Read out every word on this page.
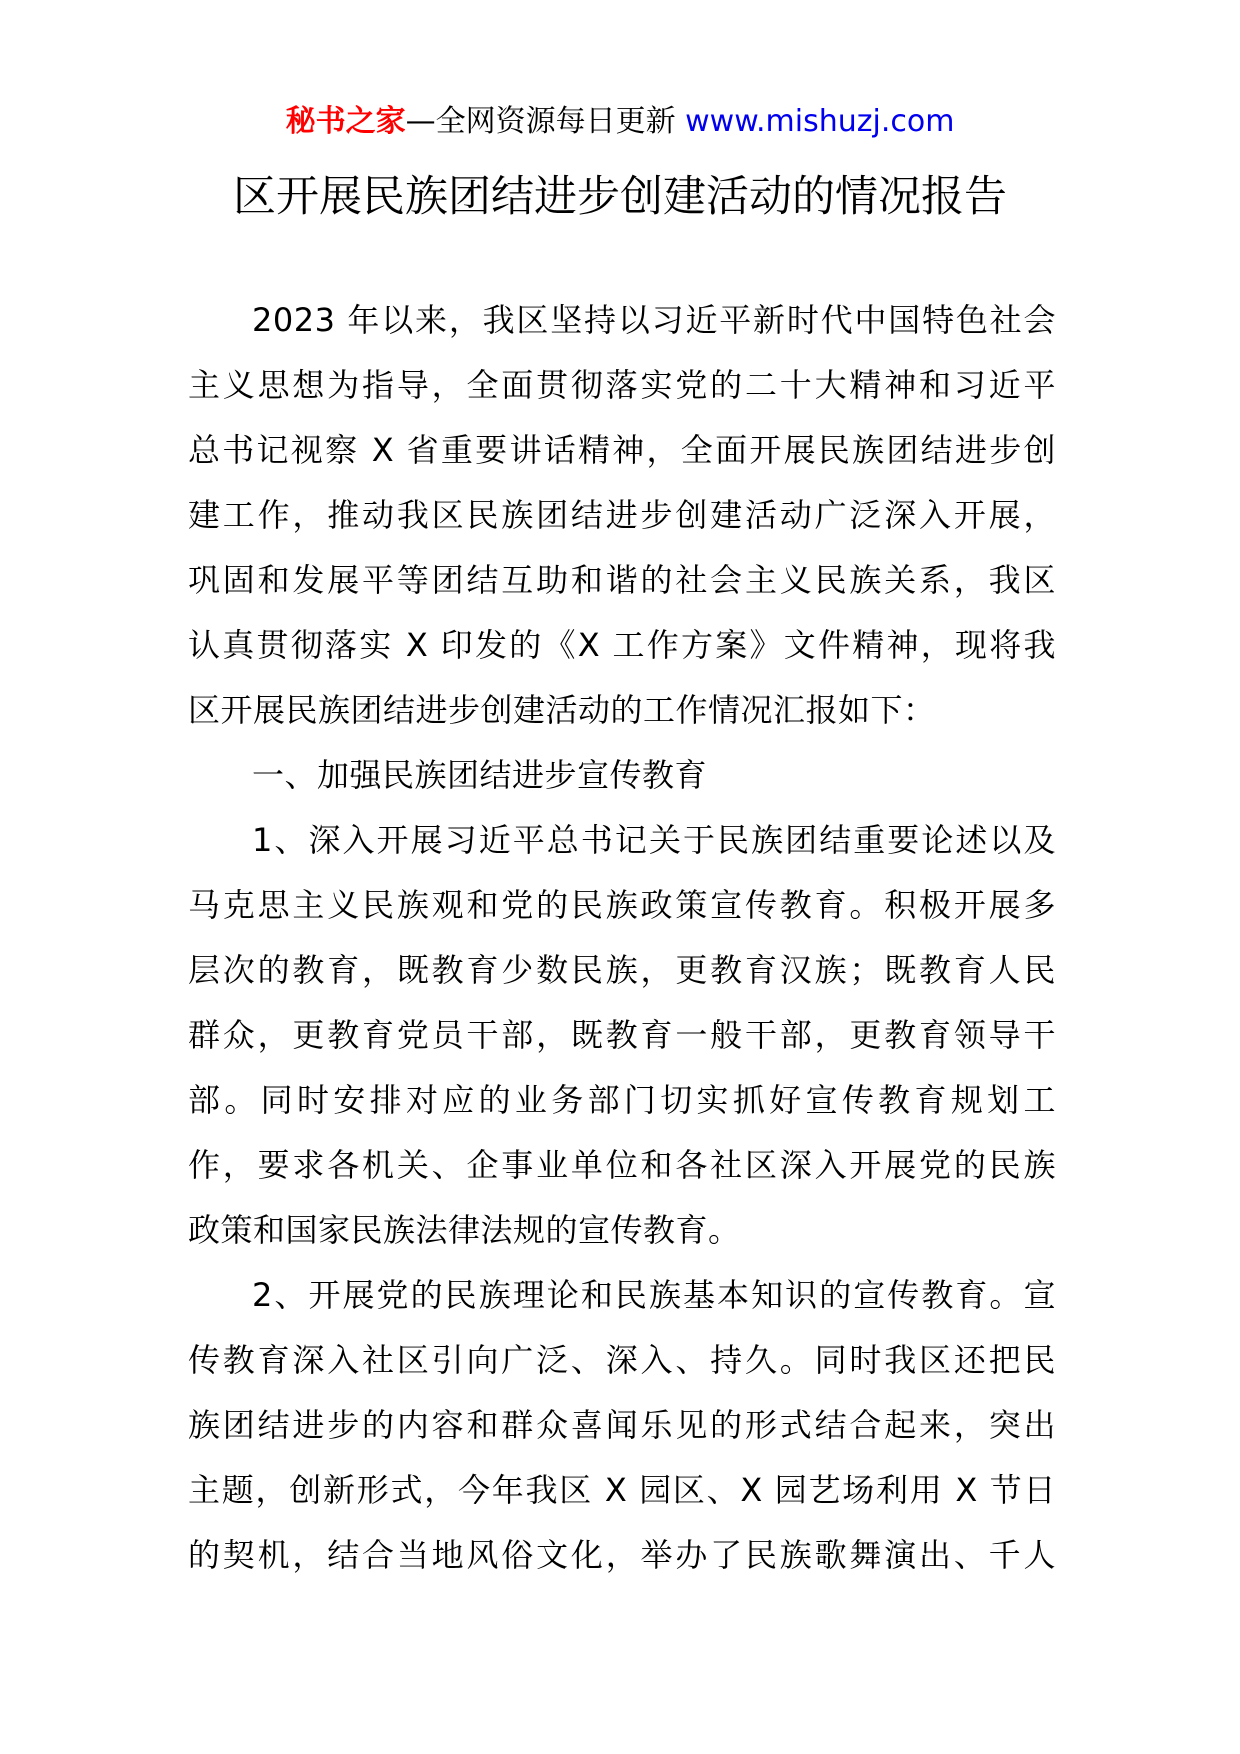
秘书之家—全网资源每日更新 www.mishuzj.com
区开展民族团结进步创建活动的情况报告
2023 年以来，我区坚持以习近平新时代中国特色社会
主义思想为指导，全面贯彻落实党的二十大精神和习近平
总书记视察 X 省重要讲话精神，全面开展民族团结进步创
建工作，推动我区民族团结进步创建活动广泛深入开展，
巩固和发展平等团结互助和谐的社会主义民族关系，我区
认真贯彻落实 X 印发的《X 工作方案》文件精神，现将我
区开展民族团结进步创建活动的工作情况汇报如下：
一、加强民族团结进步宣传教育
1、深入开展习近平总书记关于民族团结重要论述以及
马克思主义民族观和党的民族政策宣传教育。积极开展多
层次的教育，既教育少数民族，更教育汉族；既教育人民
群众，更教育党员干部，既教育一般干部，更教育领导干
部。同时安排对应的业务部门切实抓好宣传教育规划工
作，要求各机关、企事业单位和各社区深入开展党的民族
政策和国家民族法律法规的宣传教育。
2、开展党的民族理论和民族基本知识的宣传教育。宣
传教育深入社区引向广泛、深入、持久。同时我区还把民
族团结进步的内容和群众喜闻乐见的形式结合起来，突出
主题，创新形式，今年我区 X 园区、X 园艺场利用 X 节日
的契机，结合当地风俗文化，举办了民族歌舞演出、千人
